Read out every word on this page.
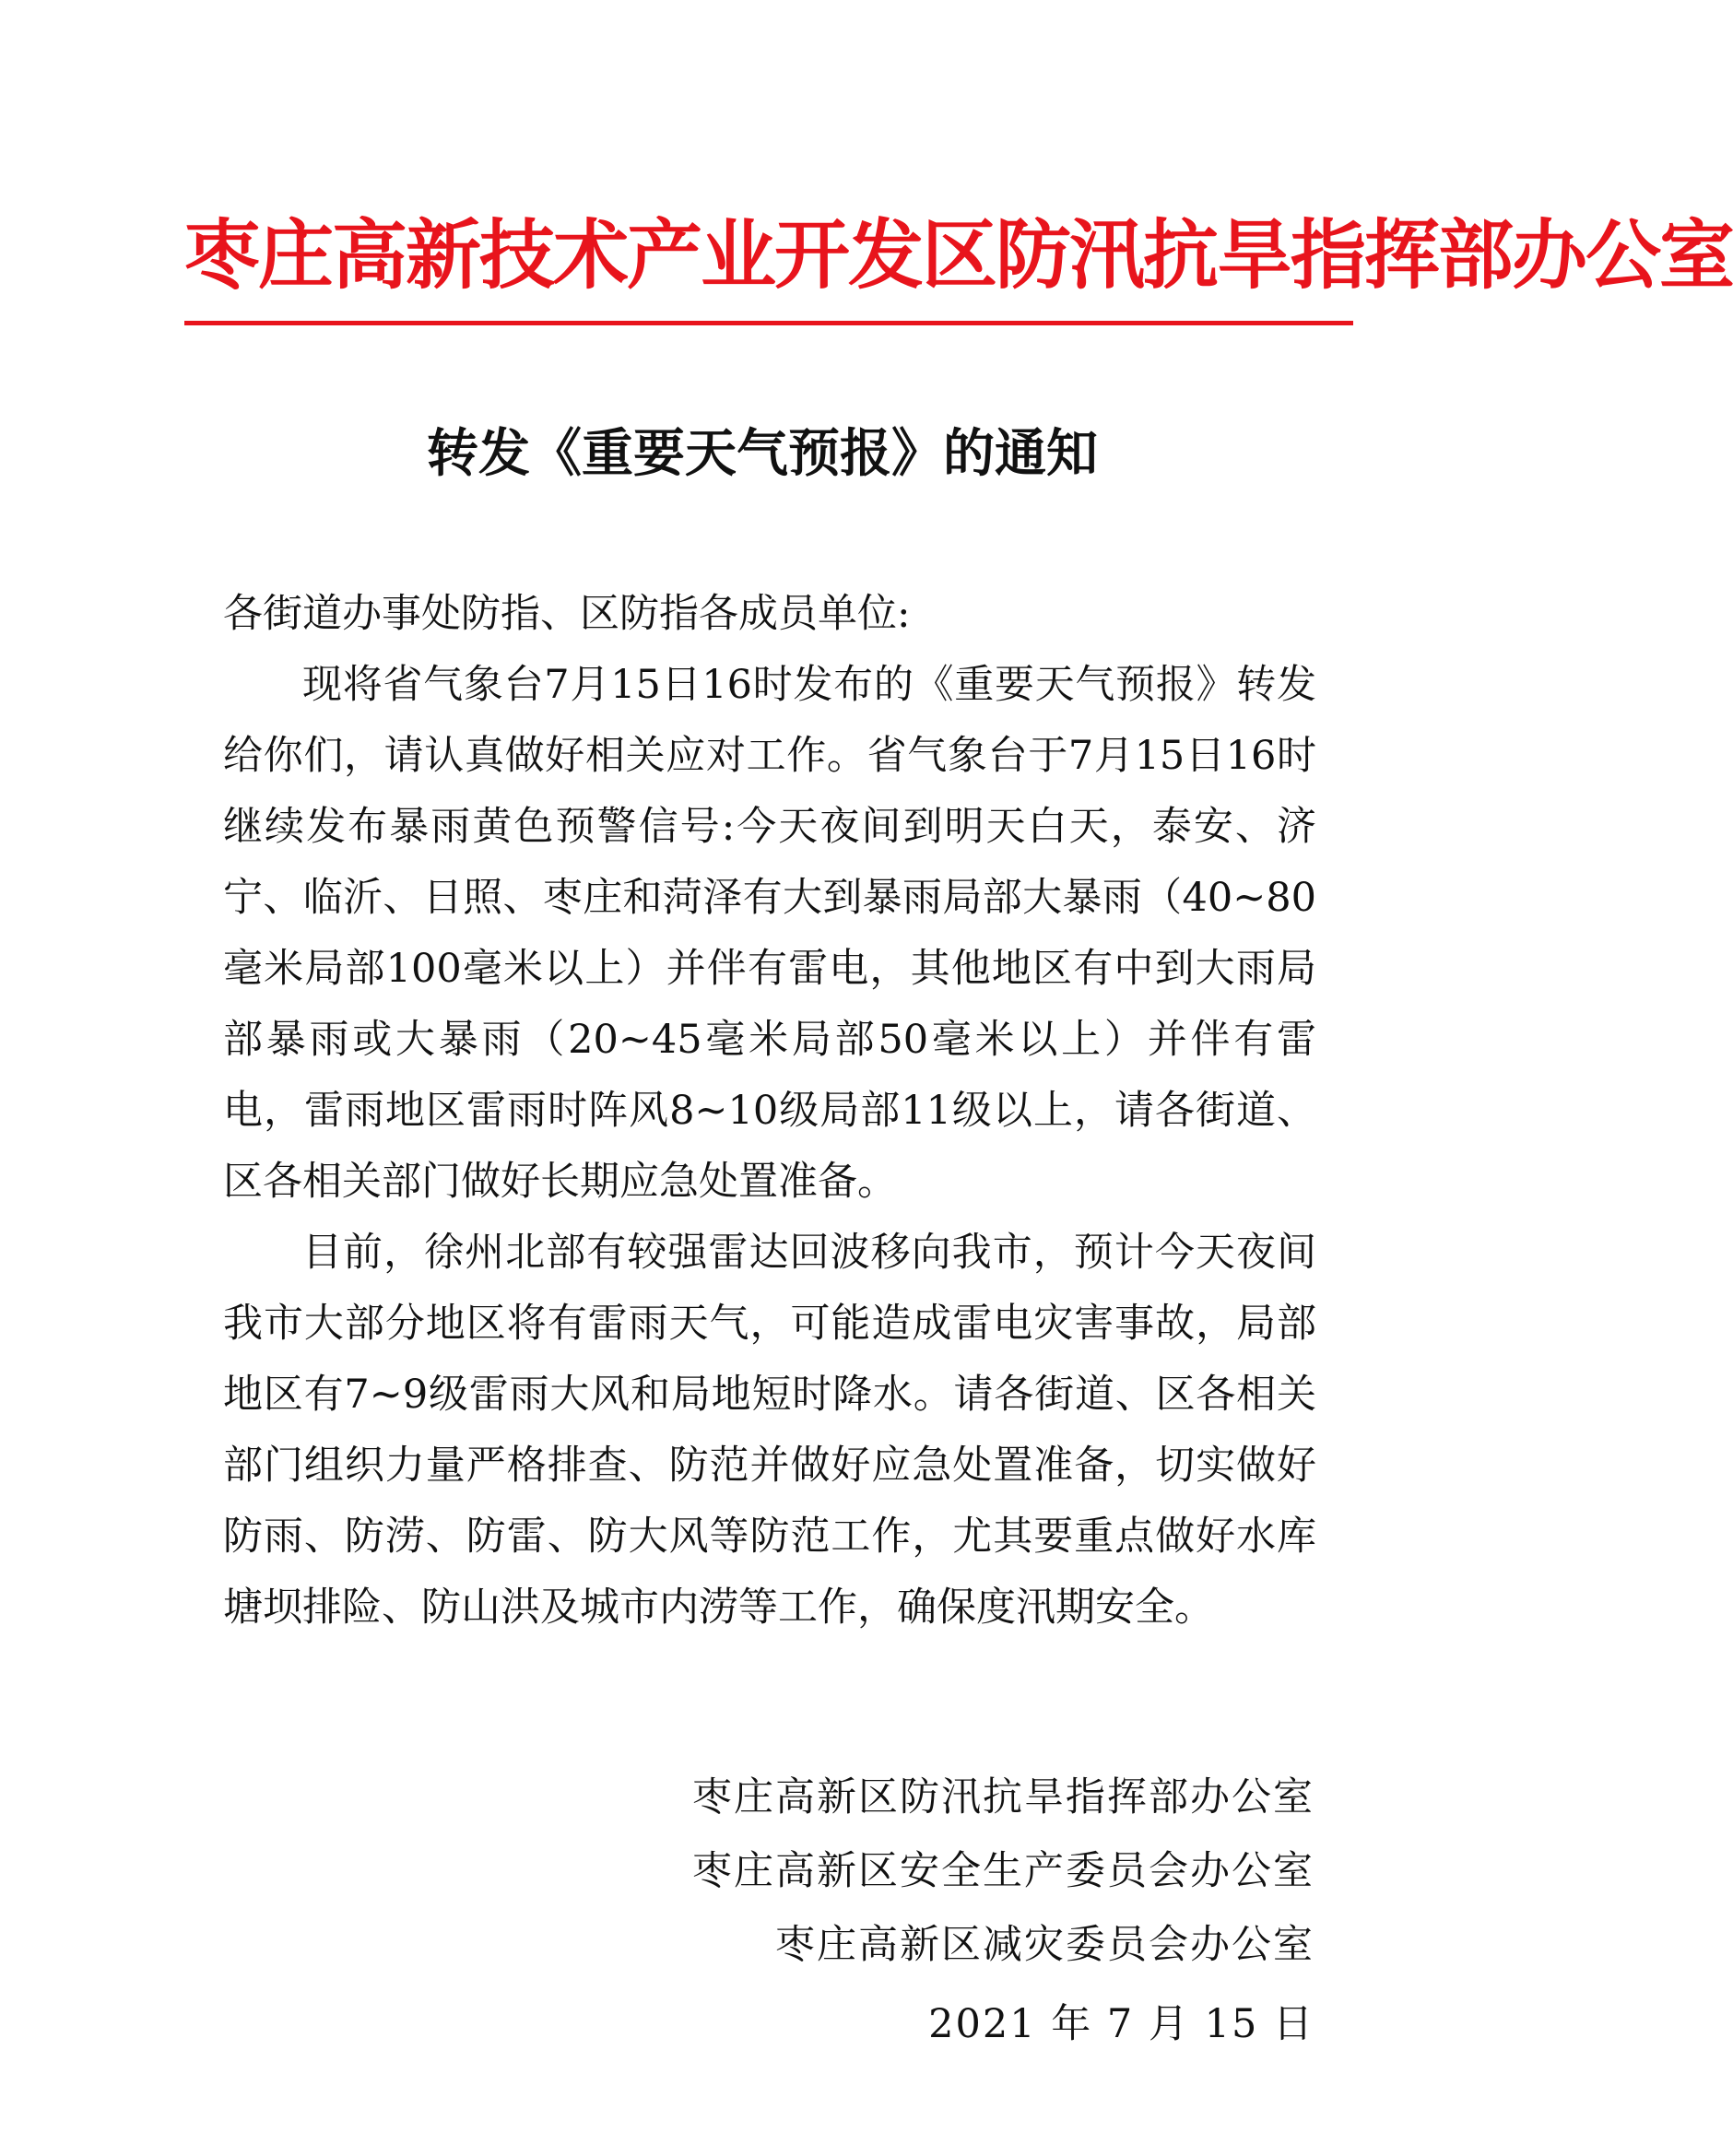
枣庄高新技术产业开发区防汛抗旱指挥部办公室
转发《重要天气预报》的通知

各街道办事处防指、区防指各成员单位:

现将省气象台7月15日16时发布的《重要天气预报》转发给你们，请认真做好相关应对工作。省气象台于7月15日16时继续发布暴雨黄色预警信号:今天夜间到明天白天，泰安、济宁、临沂、日照、枣庄和菏泽有大到暴雨局部大暴雨（40~80毫米局部100毫米以上）并伴有雷电，其他地区有中到大雨局部暴雨或大暴雨（20~45毫米局部50毫米以上）并伴有雷电，雷雨地区雷雨时阵风8~10级局部11级以上，请各街道、区各相关部门做好长期应急处置准备。

目前，徐州北部有较强雷达回波移向我市，预计今天夜间我市大部分地区将有雷雨天气，可能造成雷电灾害事故，局部地区有7~9级雷雨大风和局地短时降水。请各街道、区各相关部门组织力量严格排查、防范并做好应急处置准备，切实做好防雨、防涝、防雷、防大风等防范工作，尤其要重点做好水库塘坝排险、防山洪及城市内涝等工作，确保度汛期安全。

枣庄高新区防汛抗旱指挥部办公室
枣庄高新区安全生产委员会办公室
枣庄高新区减灾委员会办公室
2021 年 7 月 15 日
